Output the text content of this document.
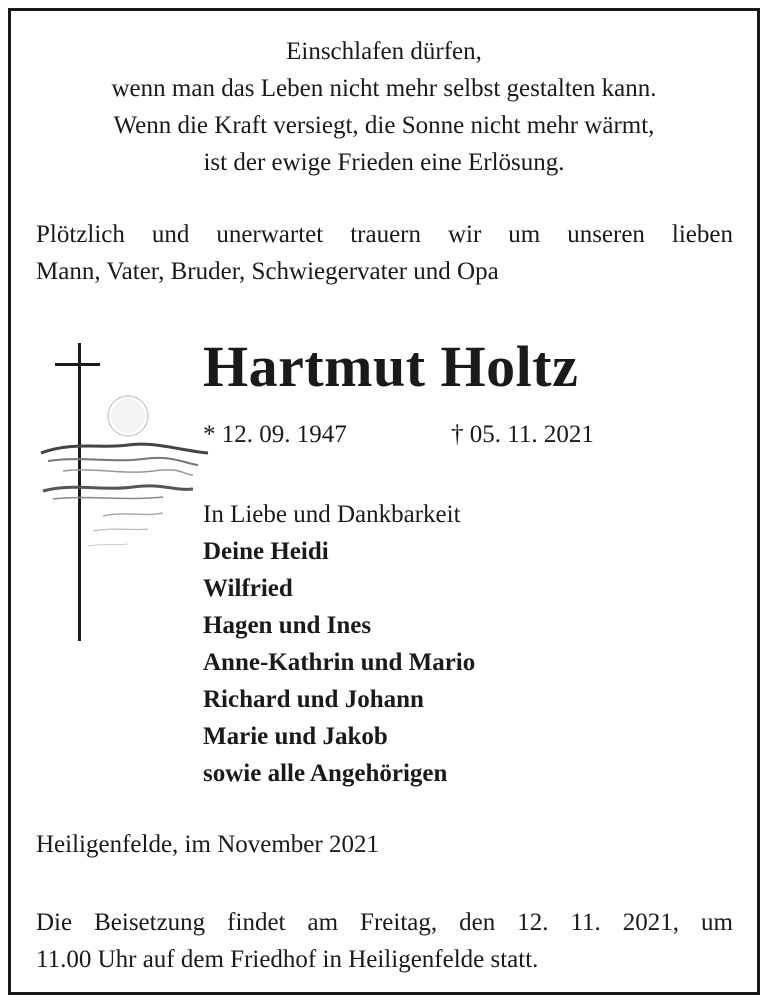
Einschlafen dürfen,
wenn man das Leben nicht mehr selbst gestalten kann.
Wenn die Kraft versiegt, die Sonne nicht mehr wärmt,
ist der ewige Frieden eine Erlösung.
Plötzlich und unerwartet trauern wir um unseren lieben
Mann, Vater, Bruder, Schwiegervater und Opa
Hartmut Holtz
* 12. 09. 1947	† 05. 11. 2021
In Liebe und Dankbarkeit
Deine Heidi
Wilfried
Hagen und Ines
Anne-Kathrin und Mario
Richard und Johann
Marie und Jakob
sowie alle Angehörigen
Heiligenfelde, im November 2021
Die Beisetzung findet am Freitag, den 12. 11. 2021, um
11.00 Uhr auf dem Friedhof in Heiligenfelde statt.
